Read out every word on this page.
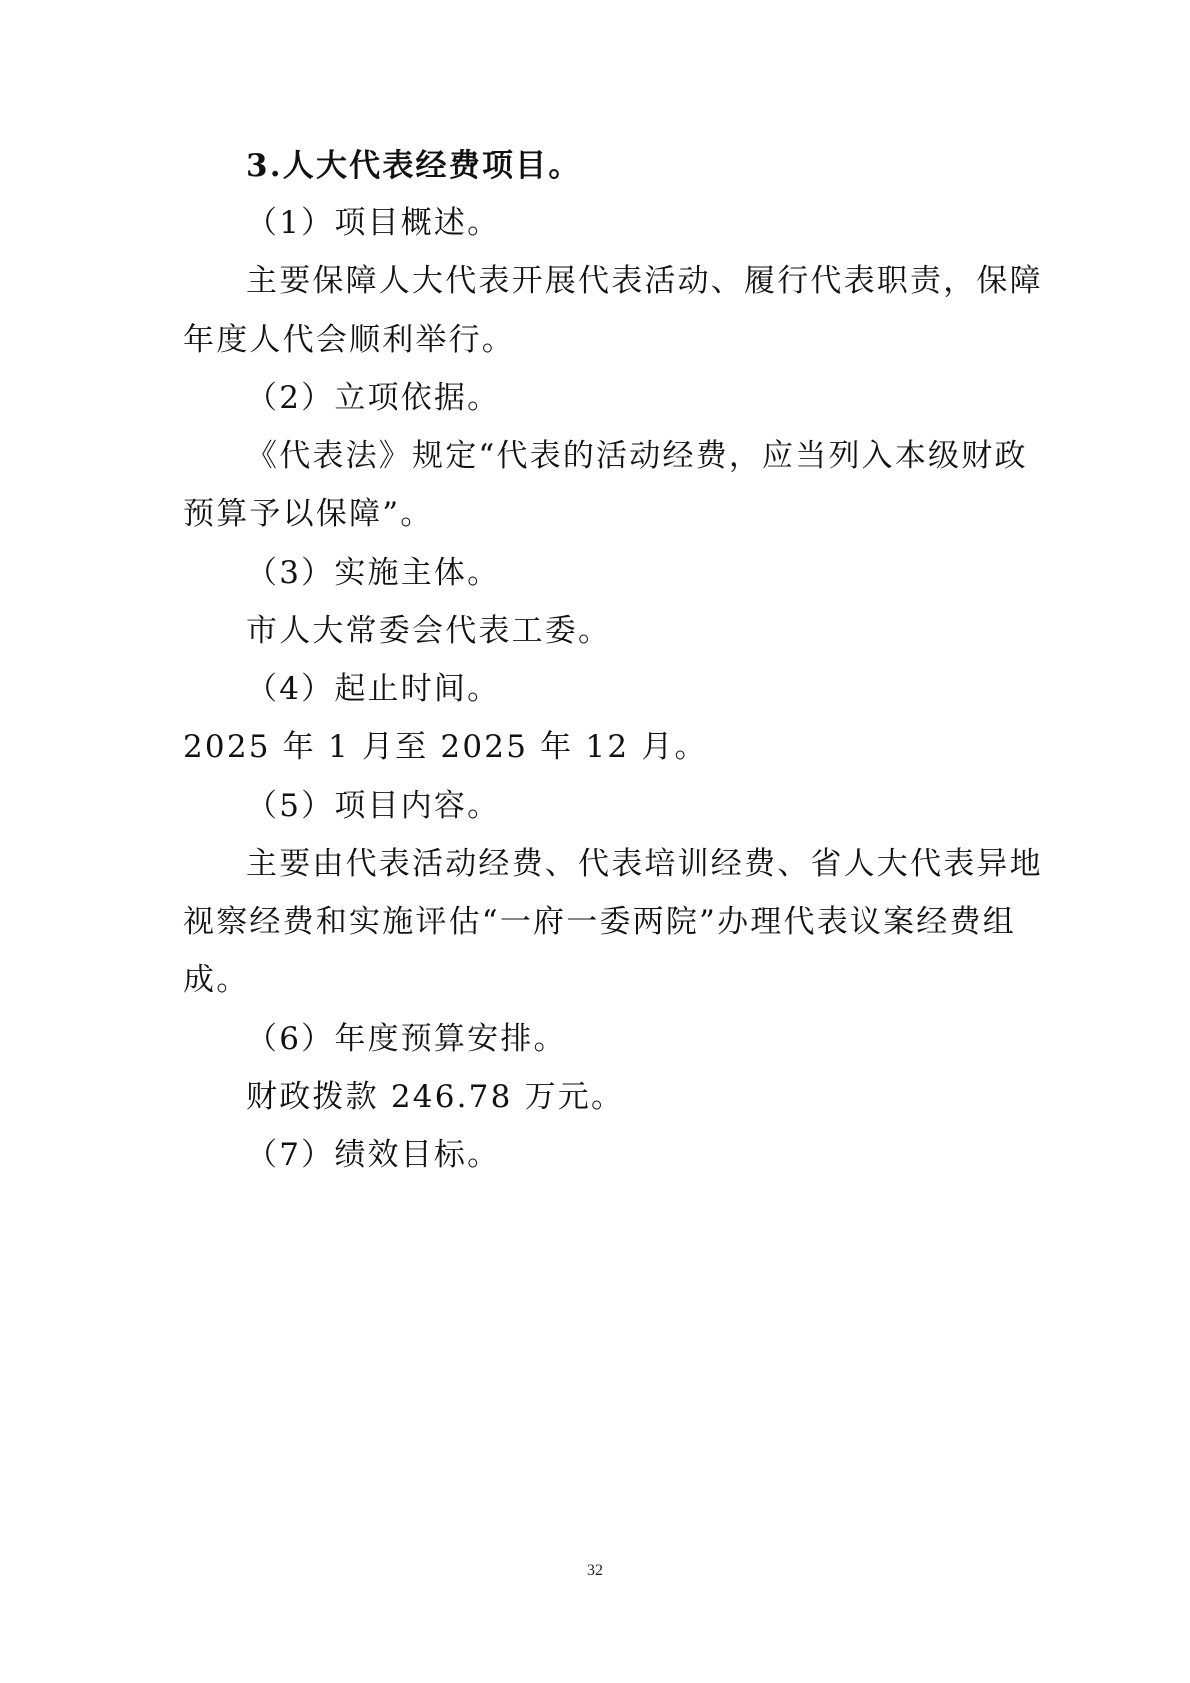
3.人大代表经费项目。
（1）项目概述。
主要保障人大代表开展代表活动、履行代表职责，保障
年度人代会顺利举行。
（2）立项依据。
《代表法》规定“代表的活动经费，应当列入本级财政
预算予以保障”。
（3）实施主体。
市人大常委会代表工委。
（4）起止时间。
2025 年 1 月至 2025 年 12 月。
（5）项目内容。
主要由代表活动经费、代表培训经费、省人大代表异地
视察经费和实施评估“一府一委两院”办理代表议案经费组
成。
（6）年度预算安排。
财政拨款 246.78 万元。
（7）绩效目标。
32
